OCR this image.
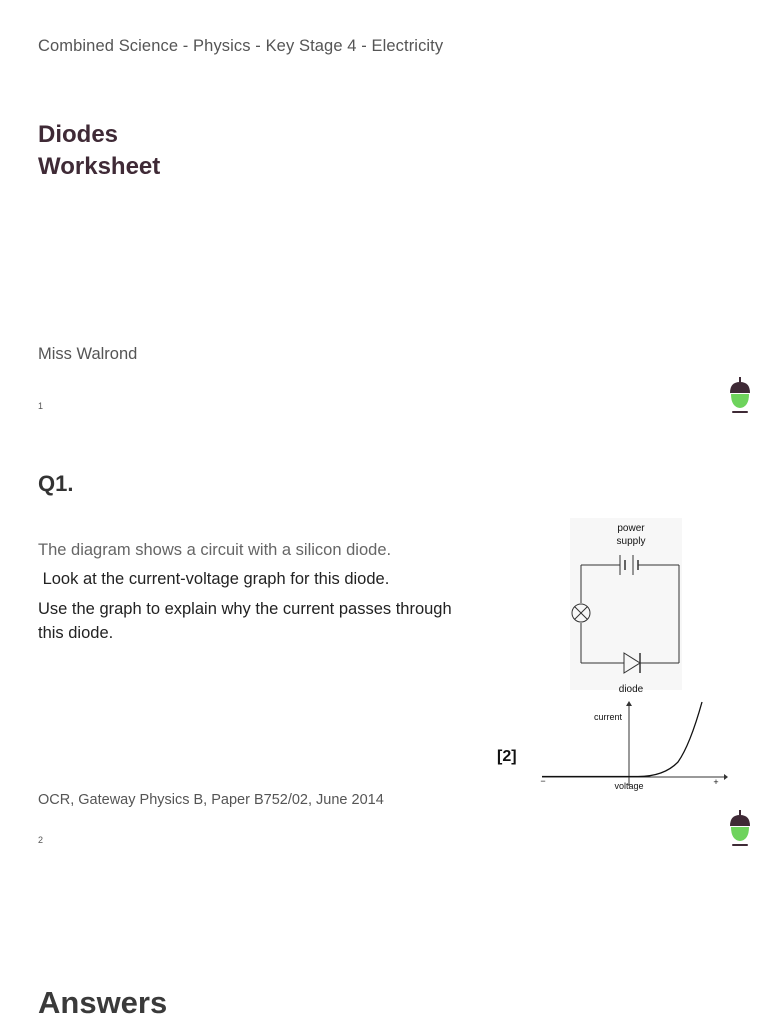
Combined Science - Physics - Key Stage 4 - Electricity
Diodes
Worksheet
Miss Walrond
1
Q1.
The diagram shows a circuit with a silicon diode.
Look at the current-voltage graph for this diode.
Use the graph to explain why the current passes through this diode.
power
supply
diode
current
voltage
−	+
[2]
OCR, Gateway Physics B, Paper B752/02, June 2014
2
Answers
